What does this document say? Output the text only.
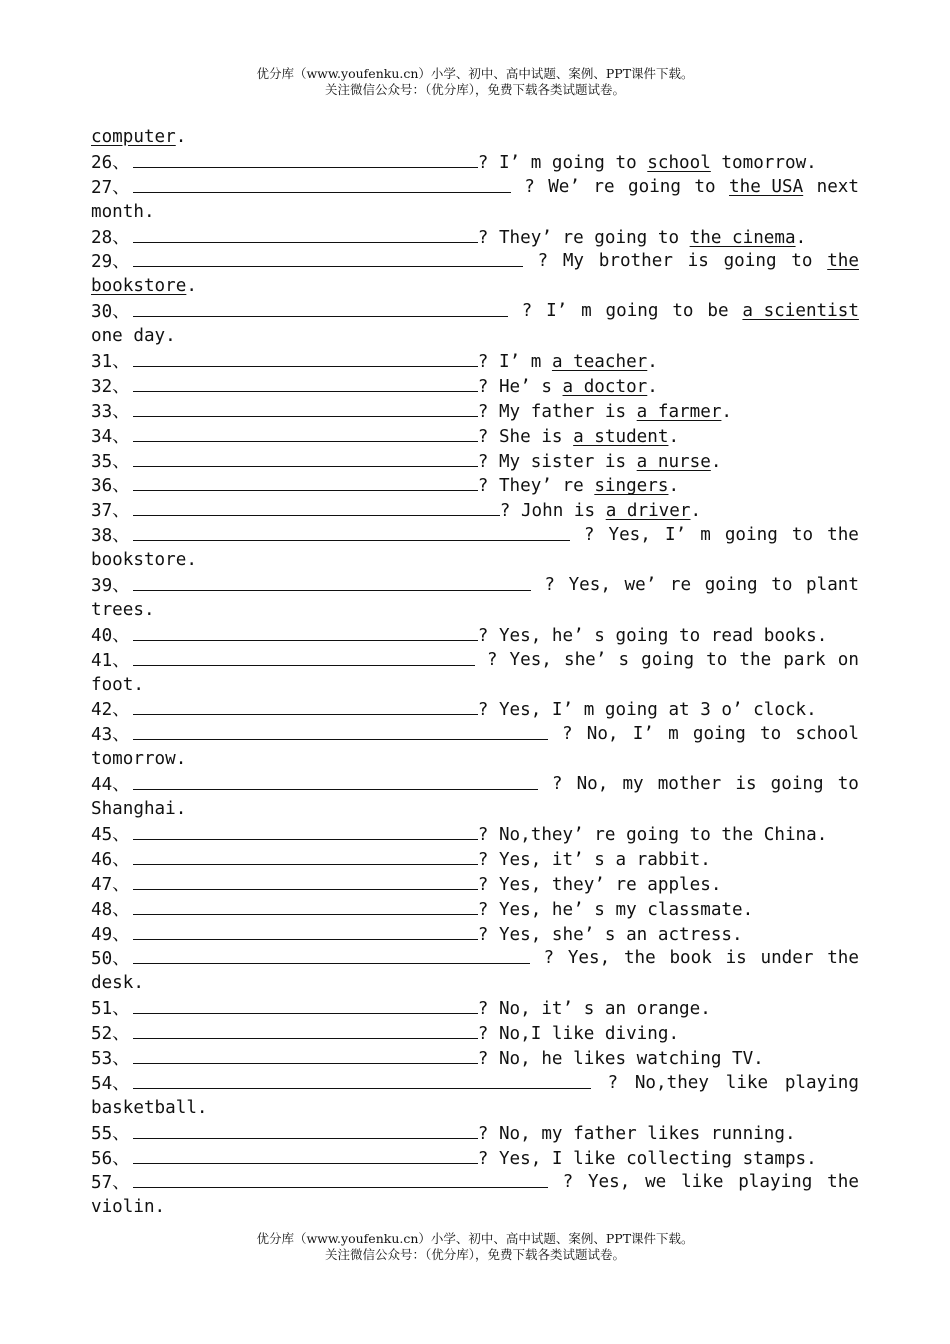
优分库（www.youfenku.cn）小学、初中、高中试题、案例、PPT课件下载。
关注微信公众号：（优分库），免费下载各类试题试卷。
computer.
26、	? I’ m going to school tomorrow.
27、	? We’ re going to the USA next
month.
28、	? They’ re going to the cinema.
29、	? My brother is going to the
bookstore.
30、	? I’ m going to be a scientist
one day.
31、	? I’ m a teacher.
32、	? He’ s a doctor.
33、	? My father is a farmer.
34、	? She is a student.
35、	? My sister is a nurse.
36、	? They’ re singers.
37、	? John is a driver.
38、	? Yes, I’ m going to the
bookstore.
39、	? Yes, we’ re going to plant
trees.
40、	? Yes, he’ s going to read books.
41、	? Yes, she’ s going to the park on
foot.
42、	? Yes, I’ m going at 3 o’ clock.
43、	? No, I’ m going to school
tomorrow.
44、	? No, my mother is going to
Shanghai.
45、	? No,they’ re going to the China.
46、	? Yes, it’ s a rabbit.
47、	? Yes, they’ re apples.
48、	? Yes, he’ s my classmate.
49、	? Yes, she’ s an actress.
50、	? Yes, the book is under the
desk.
51、	? No, it’ s an orange.
52、	? No,I like diving.
53、	? No, he likes watching TV.
54、	? No,they like playing
basketball.
55、	? No, my father likes running.
56、	? Yes, I like collecting stamps.
57、	? Yes, we like playing the
violin.
优分库（www.youfenku.cn）小学、初中、高中试题、案例、PPT课件下载。
关注微信公众号：（优分库），免费下载各类试题试卷。
